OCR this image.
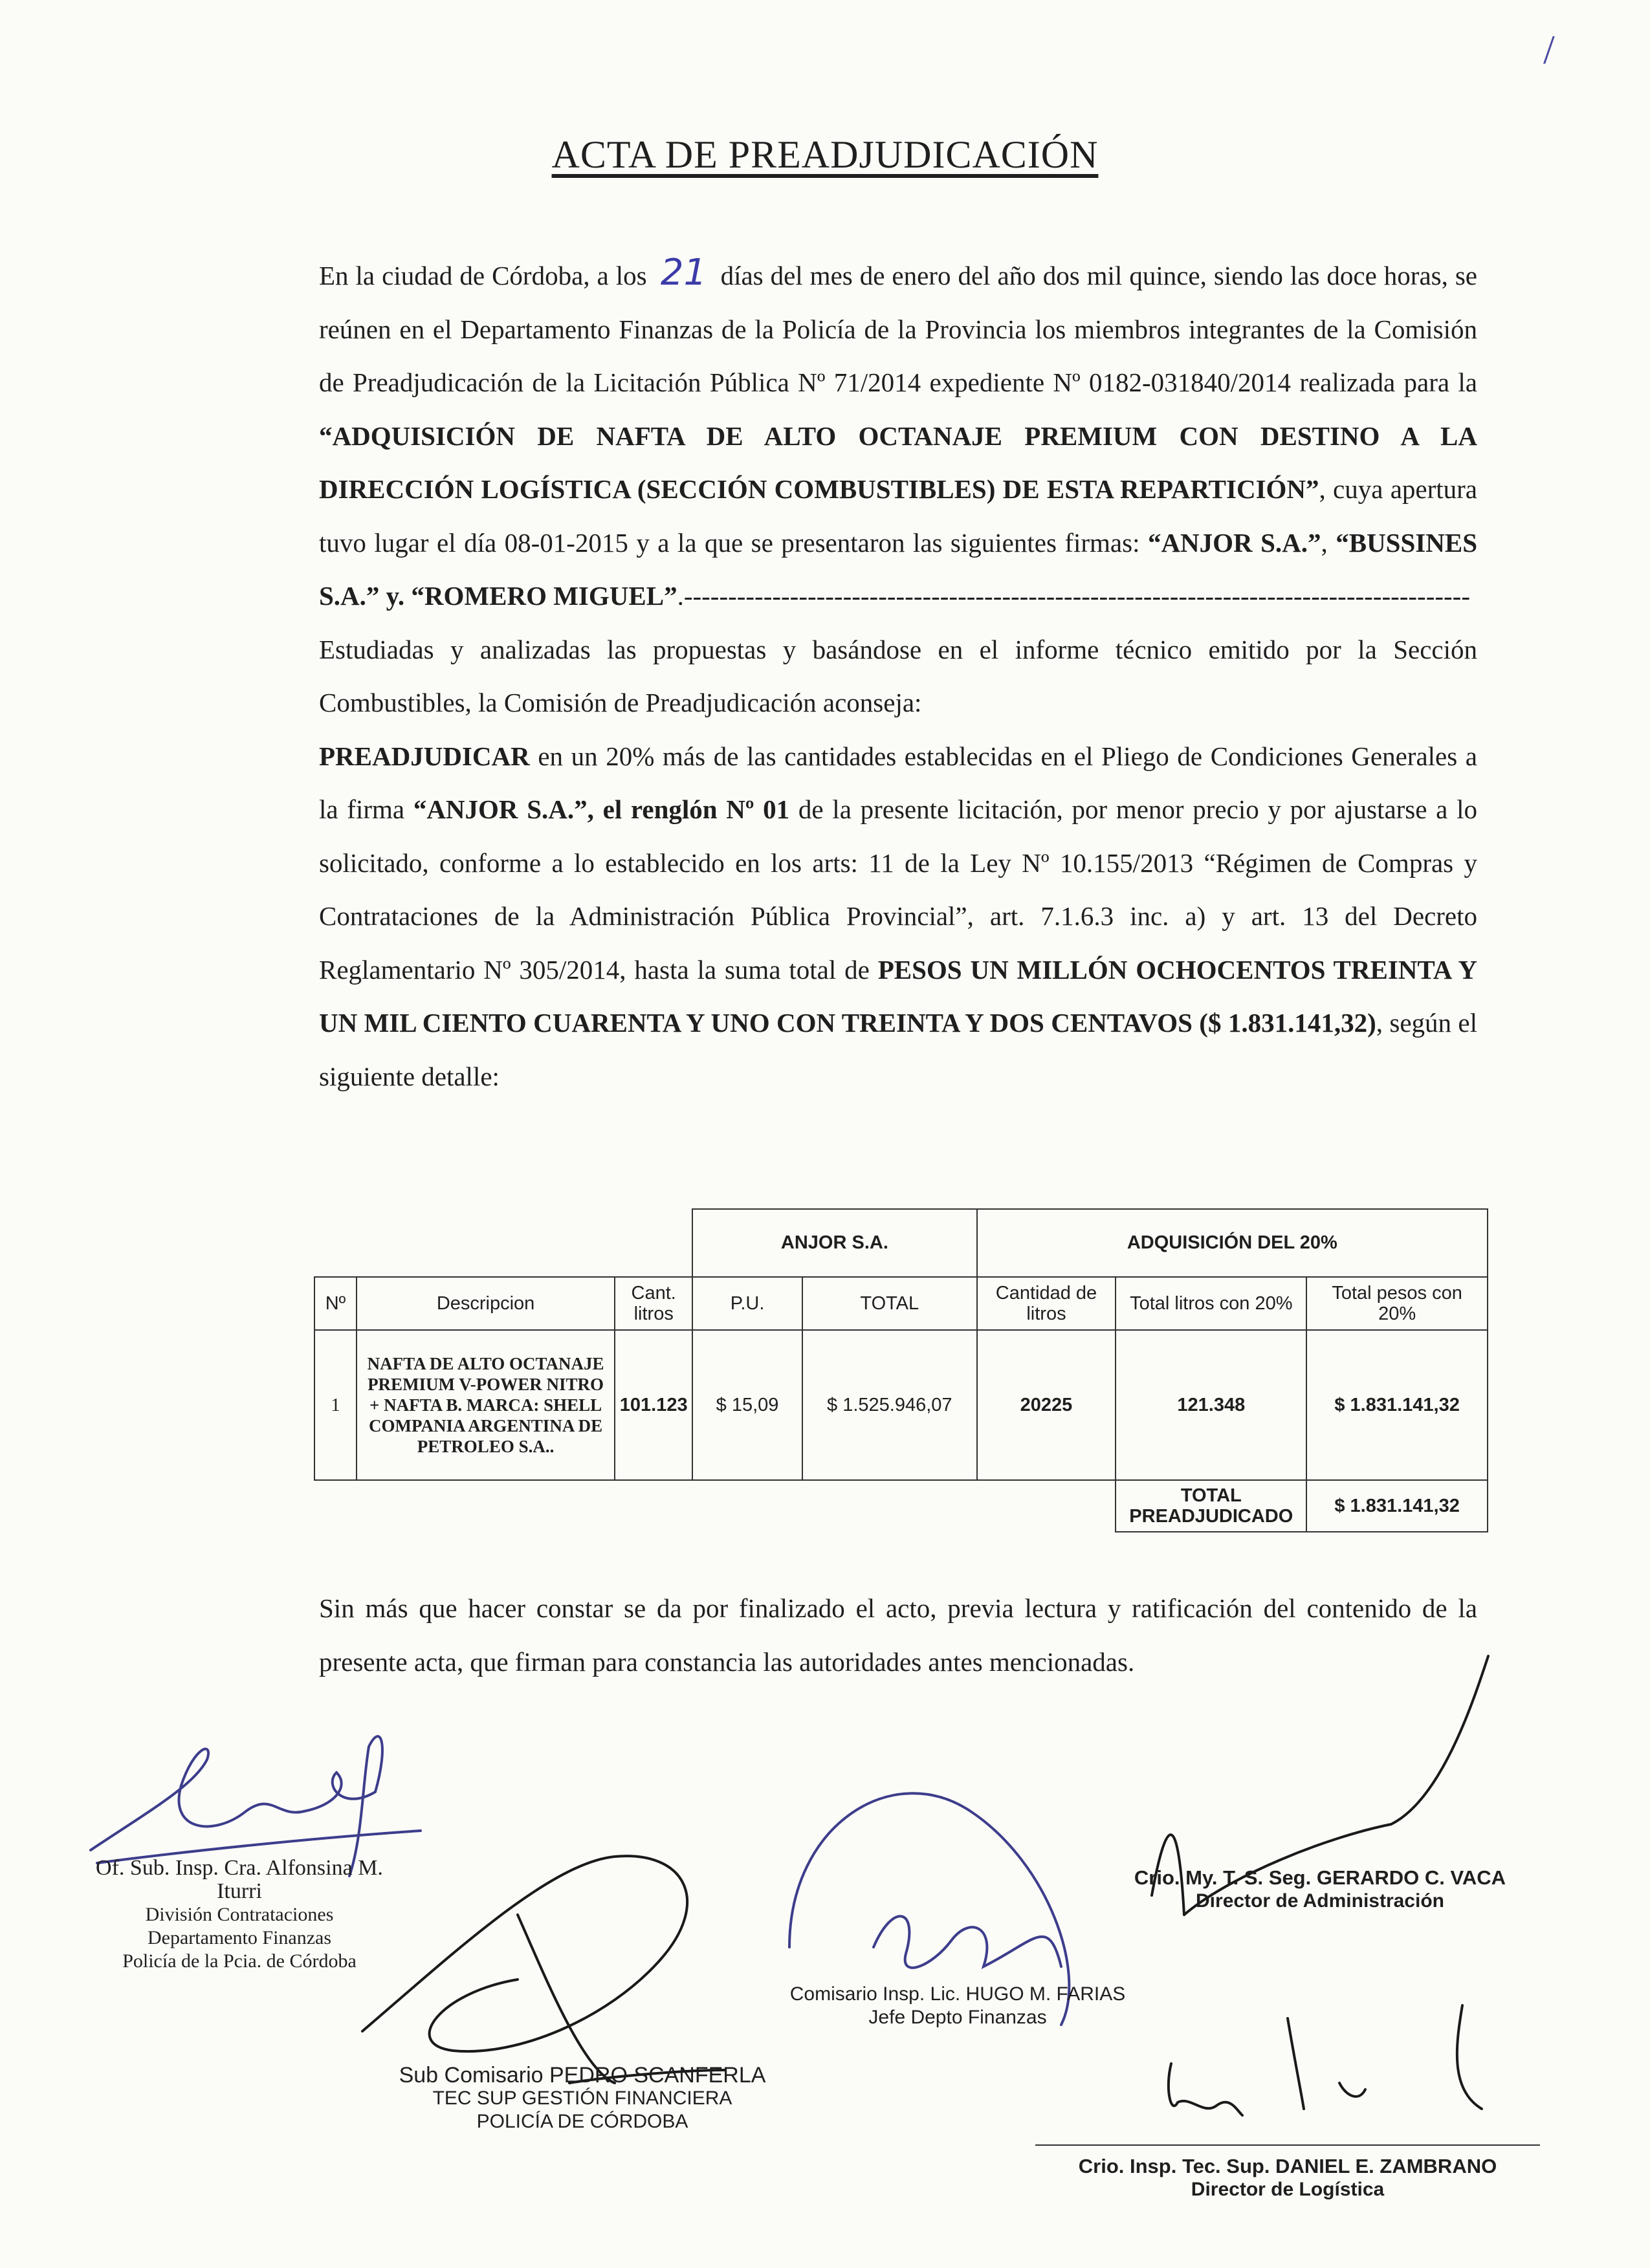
/
ACTA DE PREADJUDICACIÓN

En la ciudad de Córdoba, a los 21 días del mes de enero del año dos mil quince, siendo las doce horas, se reúnen en el Departamento Finanzas de la Policía de la Provincia los miembros integrantes de la Comisión de Preadjudicación de la Licitación Pública Nº 71/2014 expediente Nº 0182-031840/2014 realizada para la “ADQUISICIÓN DE NAFTA DE ALTO OCTANAJE PREMIUM CON DESTINO A LA DIRECCIÓN LOGÍSTICA (SECCIÓN COMBUSTIBLES) DE ESTA REPARTICIÓN”, cuya apertura tuvo lugar el día 08-01-2015 y a la que se presentaron las siguientes firmas: “ANJOR S.A.”, “BUSSINES S.A.” y. “ROMERO MIGUEL”.-----------------------------------------------------------------------------------------

Estudiadas y analizadas las propuestas y basándose en el informe técnico emitido por la Sección Combustibles, la Comisión de Preadjudicación aconseja:

PREADJUDICAR en un 20% más de las cantidades establecidas en el Pliego de Condiciones Generales a la firma “ANJOR S.A.”, el renglón Nº 01 de la presente licitación, por menor precio y por ajustarse a lo solicitado, conforme a lo establecido en los arts: 11 de la Ley Nº 10.155/2013 “Régimen de Compras y Contrataciones de la Administración Pública Provincial”, art. 7.1.6.3 inc. a) y art. 13 del Decreto Reglamentario Nº 305/2014, hasta la suma total de PESOS UN MILLÓN OCHOCENTOS TREINTA Y UN MIL CIENTO CUARENTA Y UNO CON TREINTA Y DOS CENTAVOS ($ 1.831.141,32), según el siguiente detalle:

			ANJOR S.A.		ADQUISICIÓN DEL 20%		
Nº	Descripcion	Cant. litros	P.U.	TOTAL	Cantidad de litros	Total litros con 20%	Total pesos con 20%
1	NAFTA DE ALTO OCTANAJE PREMIUM V-POWER NITRO + NAFTA B. MARCA: SHELL COMPANIA ARGENTINA DE PETROLEO S.A..	101.123	$ 15,09	$ 1.525.946,07	20225	121.348	$ 1.831.141,32
						TOTAL PREADJUDICADO	$ 1.831.141,32

Sin más que hacer constar se da por finalizado el acto, previa lectura y ratificación del contenido de la presente acta, que firman para constancia las autoridades antes mencionadas.

Of. Sub. Insp. Cra. Alfonsina M. Iturri
División Contrataciones
Departamento Finanzas
Policía de la Pcia. de Córdoba
Sub Comisario PEDRO SCANFERLA
TEC SUP GESTIÓN FINANCIERA
POLICÍA DE CÓRDOBA
Comisario Insp. Lic. HUGO M. FARIAS
Jefe Depto Finanzas
Crio. My. T. S. Seg. GERARDO C. VACA
Director de Administración
Crio. Insp. Tec. Sup. DANIEL E. ZAMBRANO
Director de Logística
